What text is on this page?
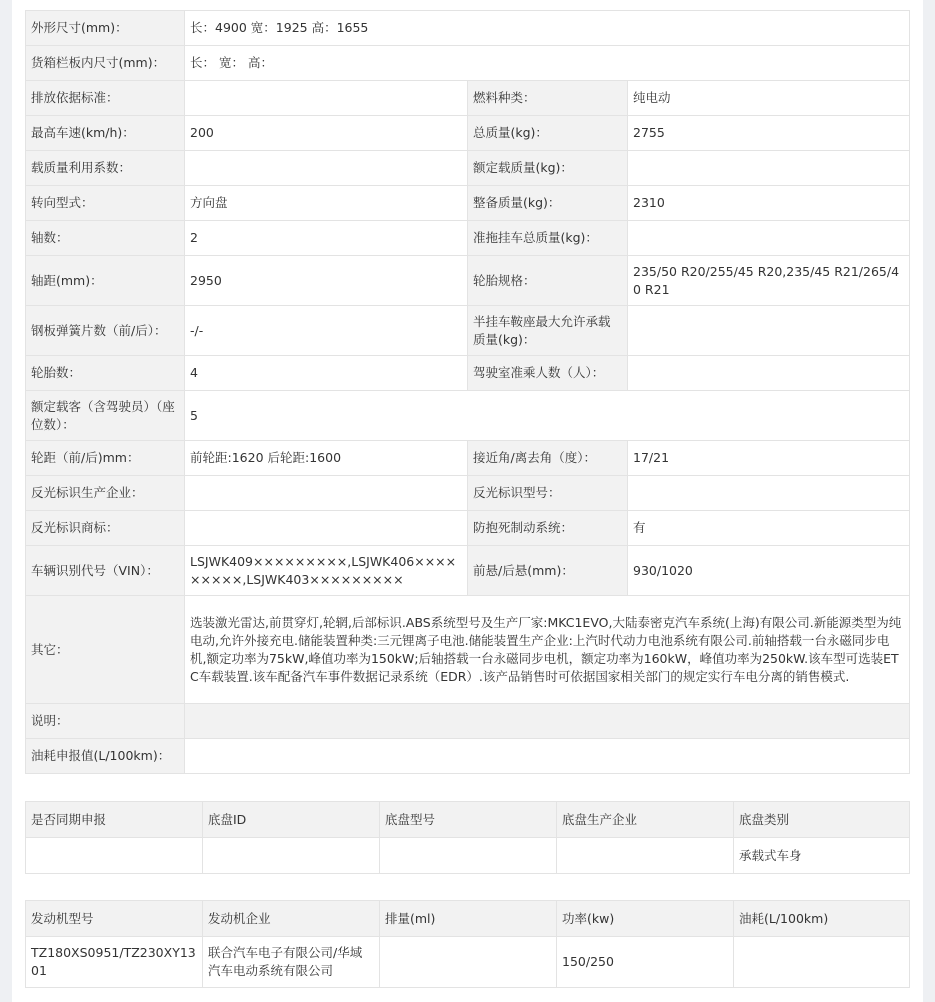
外形尺寸(mm)：	长：4900 宽：1925 高：1655		
货箱栏板内尺寸(mm)：	长： 宽： 高：		
排放依据标准：		燃料种类：	纯电动
最高车速(km/h)：	200	总质量(kg)：	2755
载质量利用系数：		额定载质量(kg)：	
转向型式：	方向盘	整备质量(kg)：	2310
轴数：	2	准拖挂车总质量(kg)：	
轴距(mm)：	2950	轮胎规格：	235/50 R20/255/45 R20,235/45 R21/265/40 R21
钢板弹簧片数（前/后）：	-/-	半挂车鞍座最大允许承载质量(kg)：	
轮胎数：	4	驾驶室准乘人数（人）：	
额定载客（含驾驶员）（座位数）：	5		
轮距（前/后)mm：	前轮距:1620 后轮距:1600	接近角/离去角（度）：	17/21
反光标识生产企业：		反光标识型号：	
反光标识商标：		防抱死制动系统：	有
车辆识别代号（VIN）：	LSJWK409×××××××××,LSJWK406×××××××××,LSJWK403×××××××××	前悬/后悬(mm)：	930/1020
其它：	选装激光雷达,前贯穿灯,轮辋,后部标识.ABS系统型号及生产厂家:MKC1EVO,大陆泰密克汽车系统(上海)有限公司.新能源类型为纯电动,允许外接充电.储能装置种类:三元锂离子电池.储能装置生产企业:上汽时代动力电池系统有限公司.前轴搭载一台永磁同步电机,额定功率为75kW,峰值功率为150kW;后轴搭载一台永磁同步电机，额定功率为160kW，峰值功率为250kW.该车型可选装ETC车载装置.该车配备汽车事件数据记录系统（EDR）.该产品销售时可依据国家相关部门的规定实行车电分离的销售模式.		
说明：			
油耗申报值(L/100km)：			
是否同期申报	底盘ID	底盘型号	底盘生产企业	底盘类别
				承载式车身
发动机型号	发动机企业	排量(ml)	功率(kw)	油耗(L/100km)
TZ180XS0951/TZ230XY1301	联合汽车电子有限公司/华域汽车电动系统有限公司		150/250	
